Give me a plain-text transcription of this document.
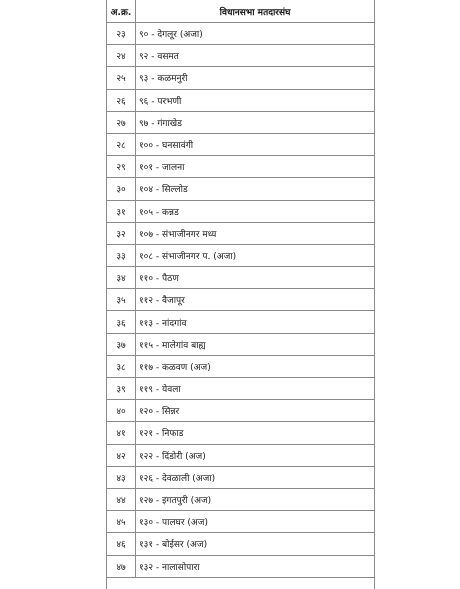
अ.क्र.	विधानसभा मतदारसंघ
२३	९० - देगलूर (अजा)
२४	९२ - वसमत
२५	९३ - कळमनुरी
२६	९६ - परभणी
२७	९७ - गंगाखेड
२८	१०० - घनसावंगी
२९	१०१ - जालना
३०	१०४ - सिल्लोड
३१	१०५ - कन्नड
३२	१०७ - संभाजीनगर मध्य
३३	१०८ - संभाजीनगर प. (अजा)
३४	११० - पैठण
३५	११२ - वैजापूर
३६	११३ - नांदगांव
३७	११५ - मालेगांव बाह्य
३८	११७ - कळवण (अज)
३९	११९ - येवला
४०	१२० - सिन्नर
४१	१२१ - निफाड
४२	१२२ - दिंडोरी (अज)
४३	१२६ - देवळाली (अजा)
४४	१२७ - इगतपुरी (अज)
४५	१३० - पालघर (अज)
४६	१३१ - बोईसर (अज)
४७	१३२ - नालासोपारा
